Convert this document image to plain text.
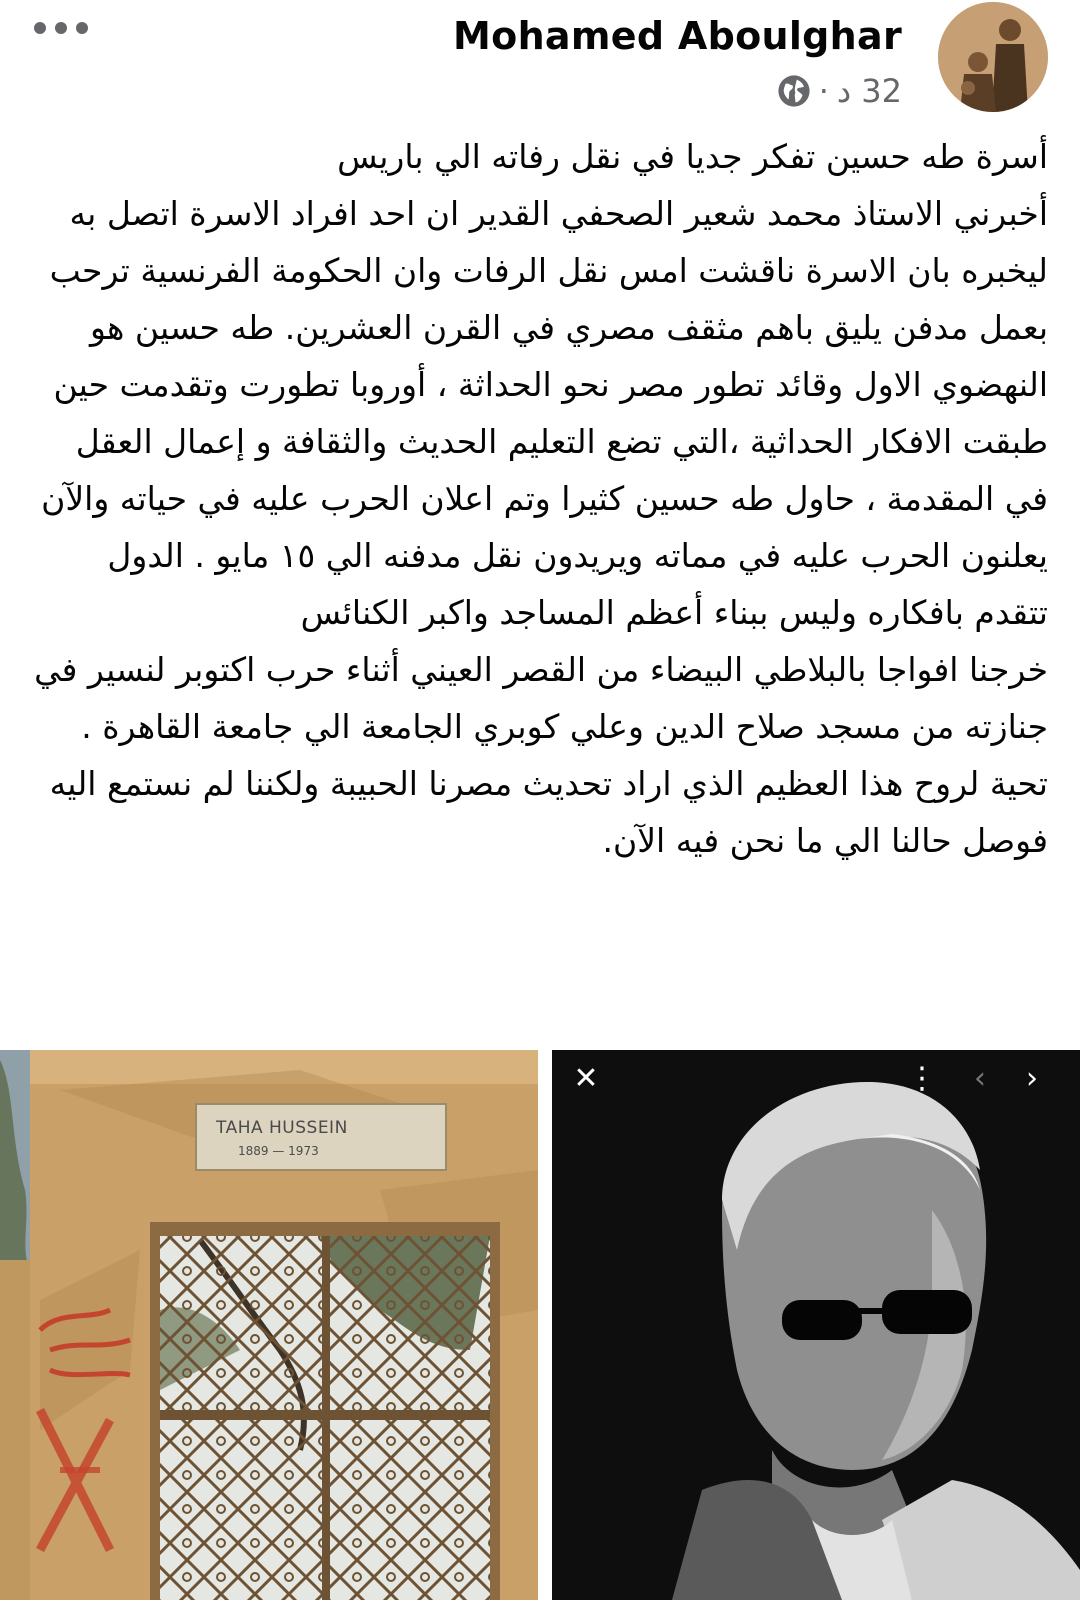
Mohamed Aboulghar
· 32 د

أسرة طه حسين تفكر جديا في نقل رفاته الي باريس

أخبرني الاستاذ محمد شعير الصحفي القدير ان احد افراد الاسرة اتصل به ليخبره بان الاسرة ناقشت امس نقل الرفات وان الحكومة الفرنسية ترحب بعمل مدفن يليق باهم مثقف مصري في القرن العشرين. طه حسين هو النهضوي الاول وقائد تطور مصر نحو الحداثة ، أوروبا تطورت وتقدمت حين طبقت الافكار الحداثية ،التي تضع التعليم الحديث والثقافة و إعمال العقل في المقدمة ، حاول طه حسين كثيرا وتم اعلان الحرب عليه في حياته والآن يعلنون الحرب عليه في مماته ويريدون نقل مدفنه الي ١٥ مايو . الدول تتقدم بافكاره وليس ببناء أعظم المساجد واكبر الكنائس

خرجنا افواجا بالبلاطي البيضاء من القصر العيني أثناء حرب اكتوبر لنسير في جنازته من مسجد صلاح الدين وعلي كوبري الجامعة الي جامعة القاهرة . تحية لروح هذا العظيم الذي اراد تحديث مصرنا الحبيبة ولكننا لم نستمع اليه فوصل حالنا الي ما نحن فيه الآن.

TAHA HUSSEIN
1889 — 1973
✕	⋮	‹	›
